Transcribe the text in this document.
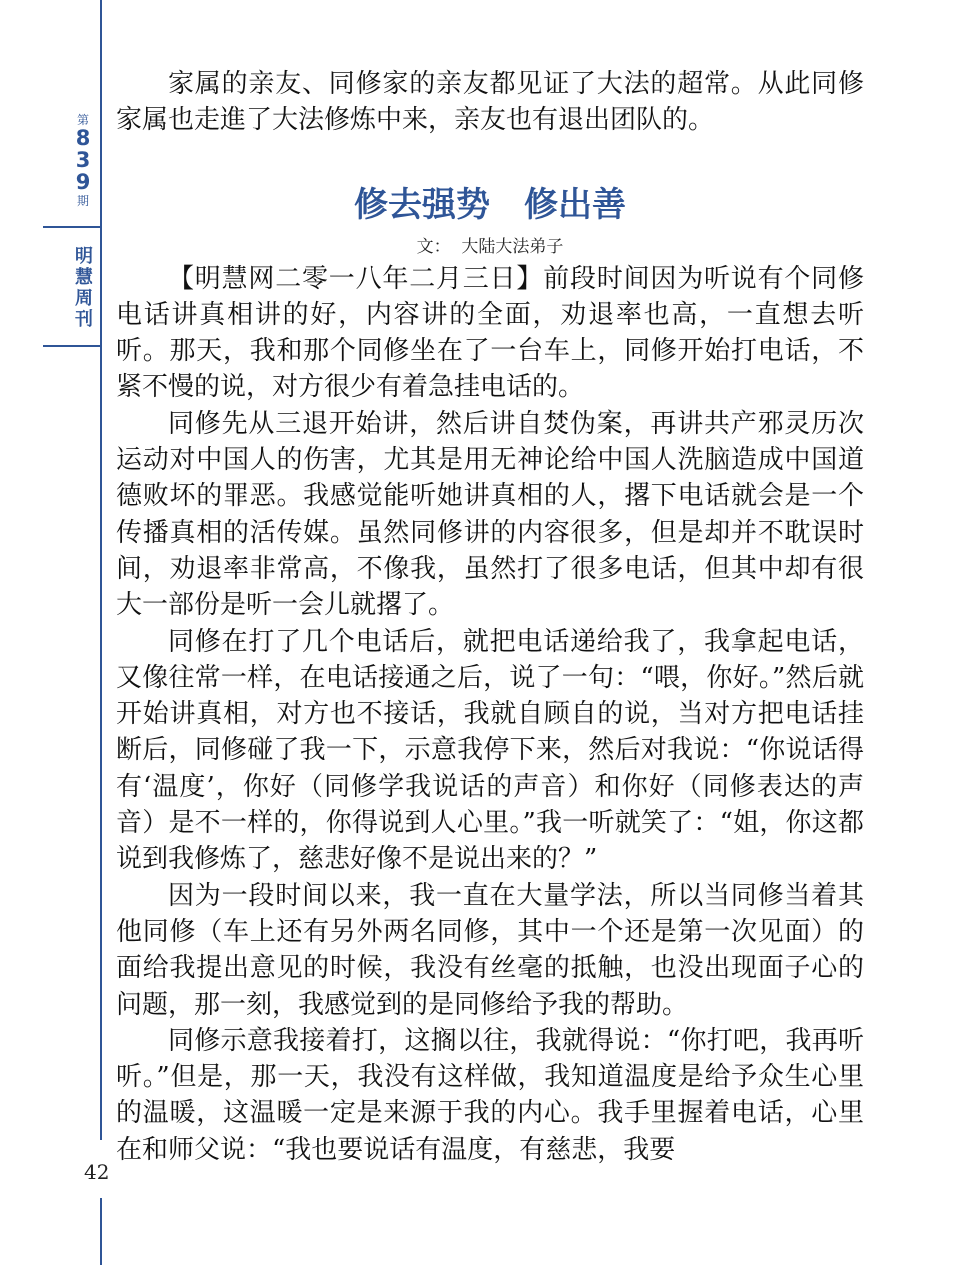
第
8
3
9
期
明
慧
周
刊
42

家属的亲友、同修家的亲友都见证了大法的超常。从此同修家属也走進了大法修炼中来，亲友也有退出团队的。

修去强势　修出善
文：  大陆大法弟子

【明慧网二零一八年二月三日】前段时间因为听说有个同修电话讲真相讲的好，内容讲的全面，劝退率也高，一直想去听听。那天，我和那个同修坐在了一台车上，同修开始打电话，不紧不慢的说，对方很少有着急挂电话的。

同修先从三退开始讲，然后讲自焚伪案，再讲共产邪灵历次运动对中国人的伤害，尤其是用无神论给中国人洗脑造成中国道德败坏的罪恶。我感觉能听她讲真相的人，撂下电话就会是一个传播真相的活传媒。虽然同修讲的内容很多，但是却并不耽误时间，劝退率非常高，不像我，虽然打了很多电话，但其中却有很大一部份是听一会儿就撂了。

同修在打了几个电话后，就把电话递给我了，我拿起电话，又像往常一样，在电话接通之后，说了一句：“喂，你好。”然后就开始讲真相，对方也不接话，我就自顾自的说，当对方把电话挂断后，同修碰了我一下，示意我停下来，然后对我说：“你说话得有‘温度’，你好（同修学我说话的声音）和你好（同修表达的声音）是不一样的，你得说到人心里。”我一听就笑了：“姐，你这都说到我修炼了，慈悲好像不是说出来的？”

因为一段时间以来，我一直在大量学法，所以当同修当着其他同修（车上还有另外两名同修，其中一个还是第一次见面）的面给我提出意见的时候，我没有丝毫的抵触，也没出现面子心的问题，那一刻，我感觉到的是同修给予我的帮助。

同修示意我接着打，这搁以往，我就得说：“你打吧，我再听听。”但是，那一天，我没有这样做，我知道温度是给予众生心里的温暖，这温暖一定是来源于我的内心。我手里握着电话，心里在和师父说：“我也要说话有温度，有慈悲，我要
